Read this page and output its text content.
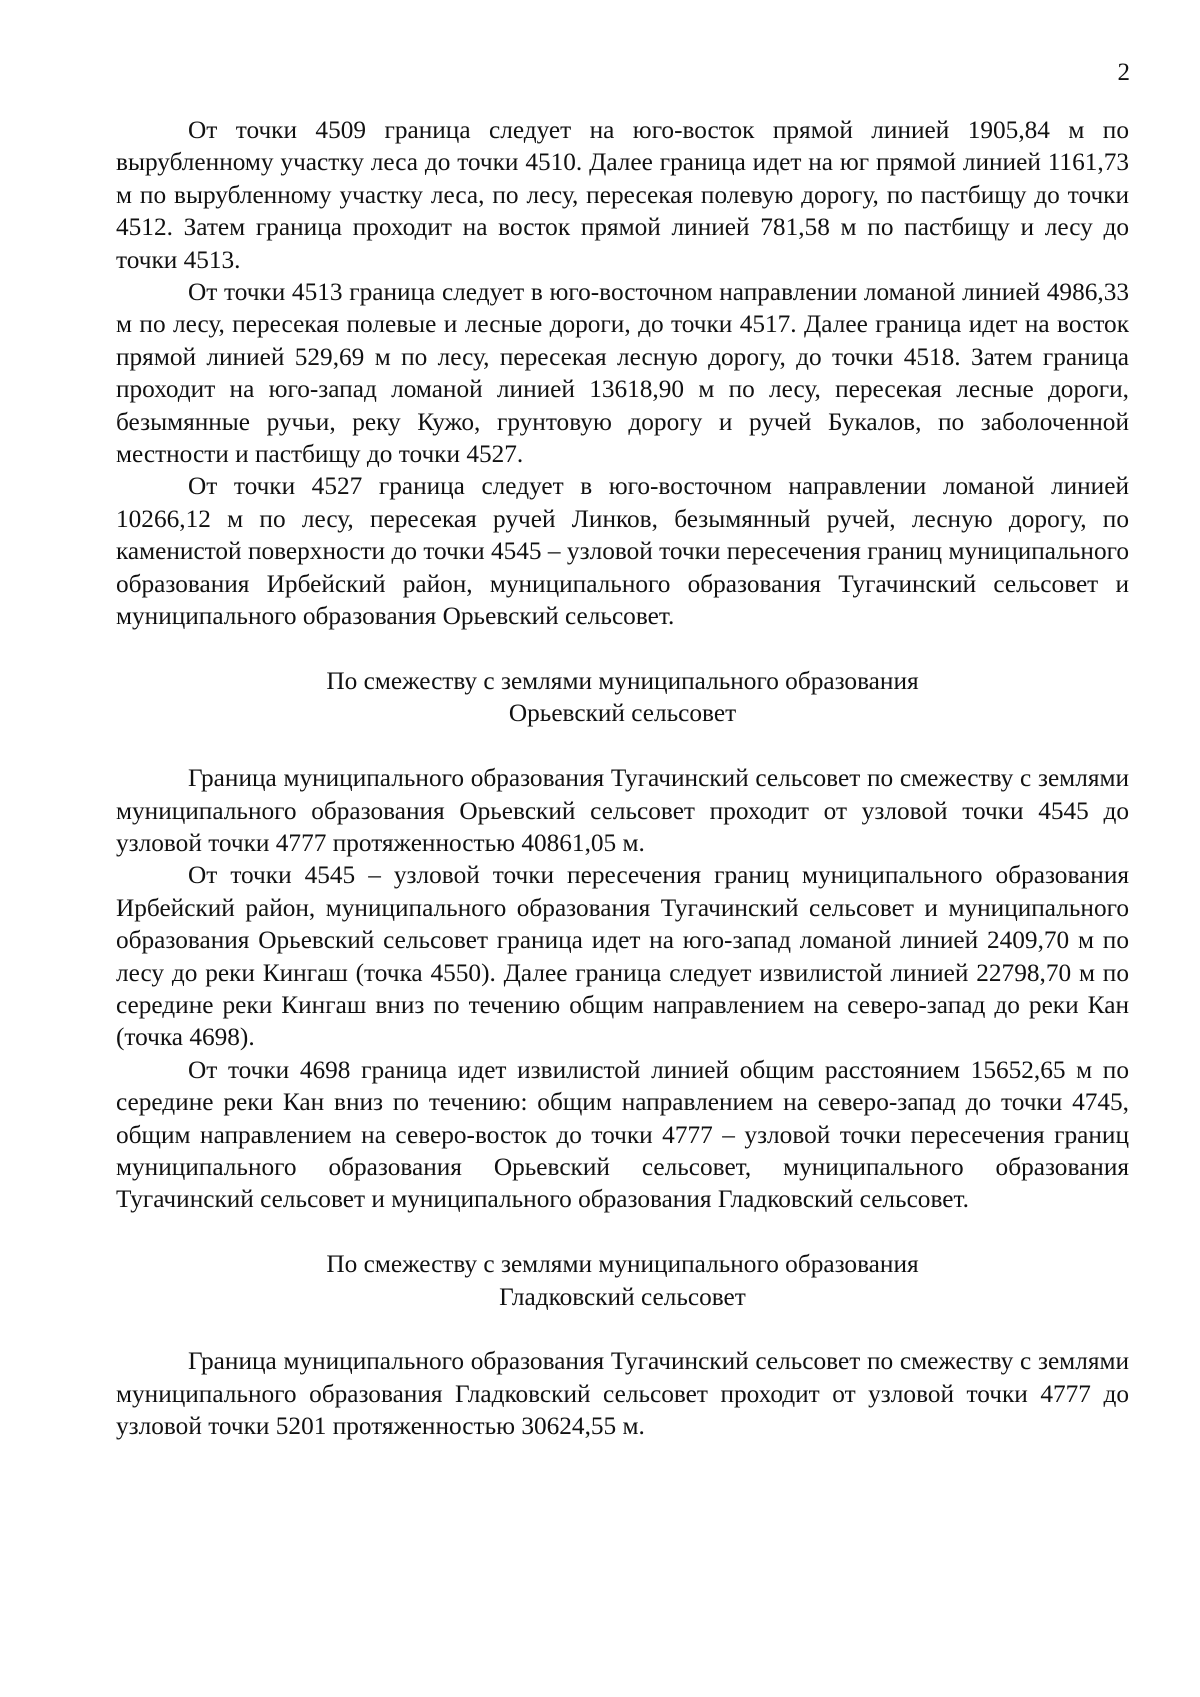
2

От точки 4509 граница следует на юго-восток прямой линией 1905,84 м по вырубленному участку леса до точки 4510. Далее граница идет на юг прямой линией 1161,73 м по вырубленному участку леса, по лесу, пересекая полевую дорогу, по пастбищу до точки 4512. Затем граница проходит на восток прямой линией 781,58 м по пастбищу и лесу до точки 4513.

От точки 4513 граница следует в юго-восточном направлении ломаной линией 4986,33 м по лесу, пересекая полевые и лесные дороги, до точки 4517. Далее граница идет на восток прямой линией 529,69 м по лесу, пересекая лесную дорогу, до точки 4518. Затем граница проходит на юго-запад ломаной линией 13618,90 м по лесу, пересекая лесные дороги, безымянные ручьи, реку Кужо, грунтовую дорогу и ручей Букалов, по заболоченной местности и пастбищу до точки 4527.

От точки 4527 граница следует в юго-восточном направлении ломаной линией 10266,12 м по лесу, пересекая ручей Линков, безымянный ручей, лесную дорогу, по каменистой поверхности до точки 4545 – узловой точки пересечения границ муниципального образования Ирбейский район, муниципального образования Тугачинский сельсовет и муниципального образования Орьевский сельсовет.

По смежеству с землями муниципального образования
Орьевский сельсовет

Граница муниципального образования Тугачинский сельсовет по смежеству с землями муниципального образования Орьевский сельсовет проходит от узловой точки 4545 до узловой точки 4777 протяженностью 40861,05 м.

От точки 4545 – узловой точки пересечения границ муниципального образования Ирбейский район, муниципального образования Тугачинский сельсовет и муниципального образования Орьевский сельсовет граница идет на юго-запад ломаной линией 2409,70 м по лесу до реки Кингаш (точка 4550). Далее граница следует извилистой линией 22798,70 м по середине реки Кингаш вниз по течению общим направлением на северо-запад до реки Кан (точка 4698).

От точки 4698 граница идет извилистой линией общим расстоянием 15652,65 м по середине реки Кан вниз по течению: общим направлением на северо-запад до точки 4745, общим направлением на северо-восток до точки 4777 – узловой точки пересечения границ муниципального образования Орьевский сельсовет, муниципального образования Тугачинский сельсовет и муниципального образования Гладковский сельсовет.

По смежеству с землями муниципального образования
Гладковский сельсовет

Граница муниципального образования Тугачинский сельсовет по смежеству с землями муниципального образования Гладковский сельсовет проходит от узловой точки 4777 до узловой точки 5201 протяженностью 30624,55 м.
